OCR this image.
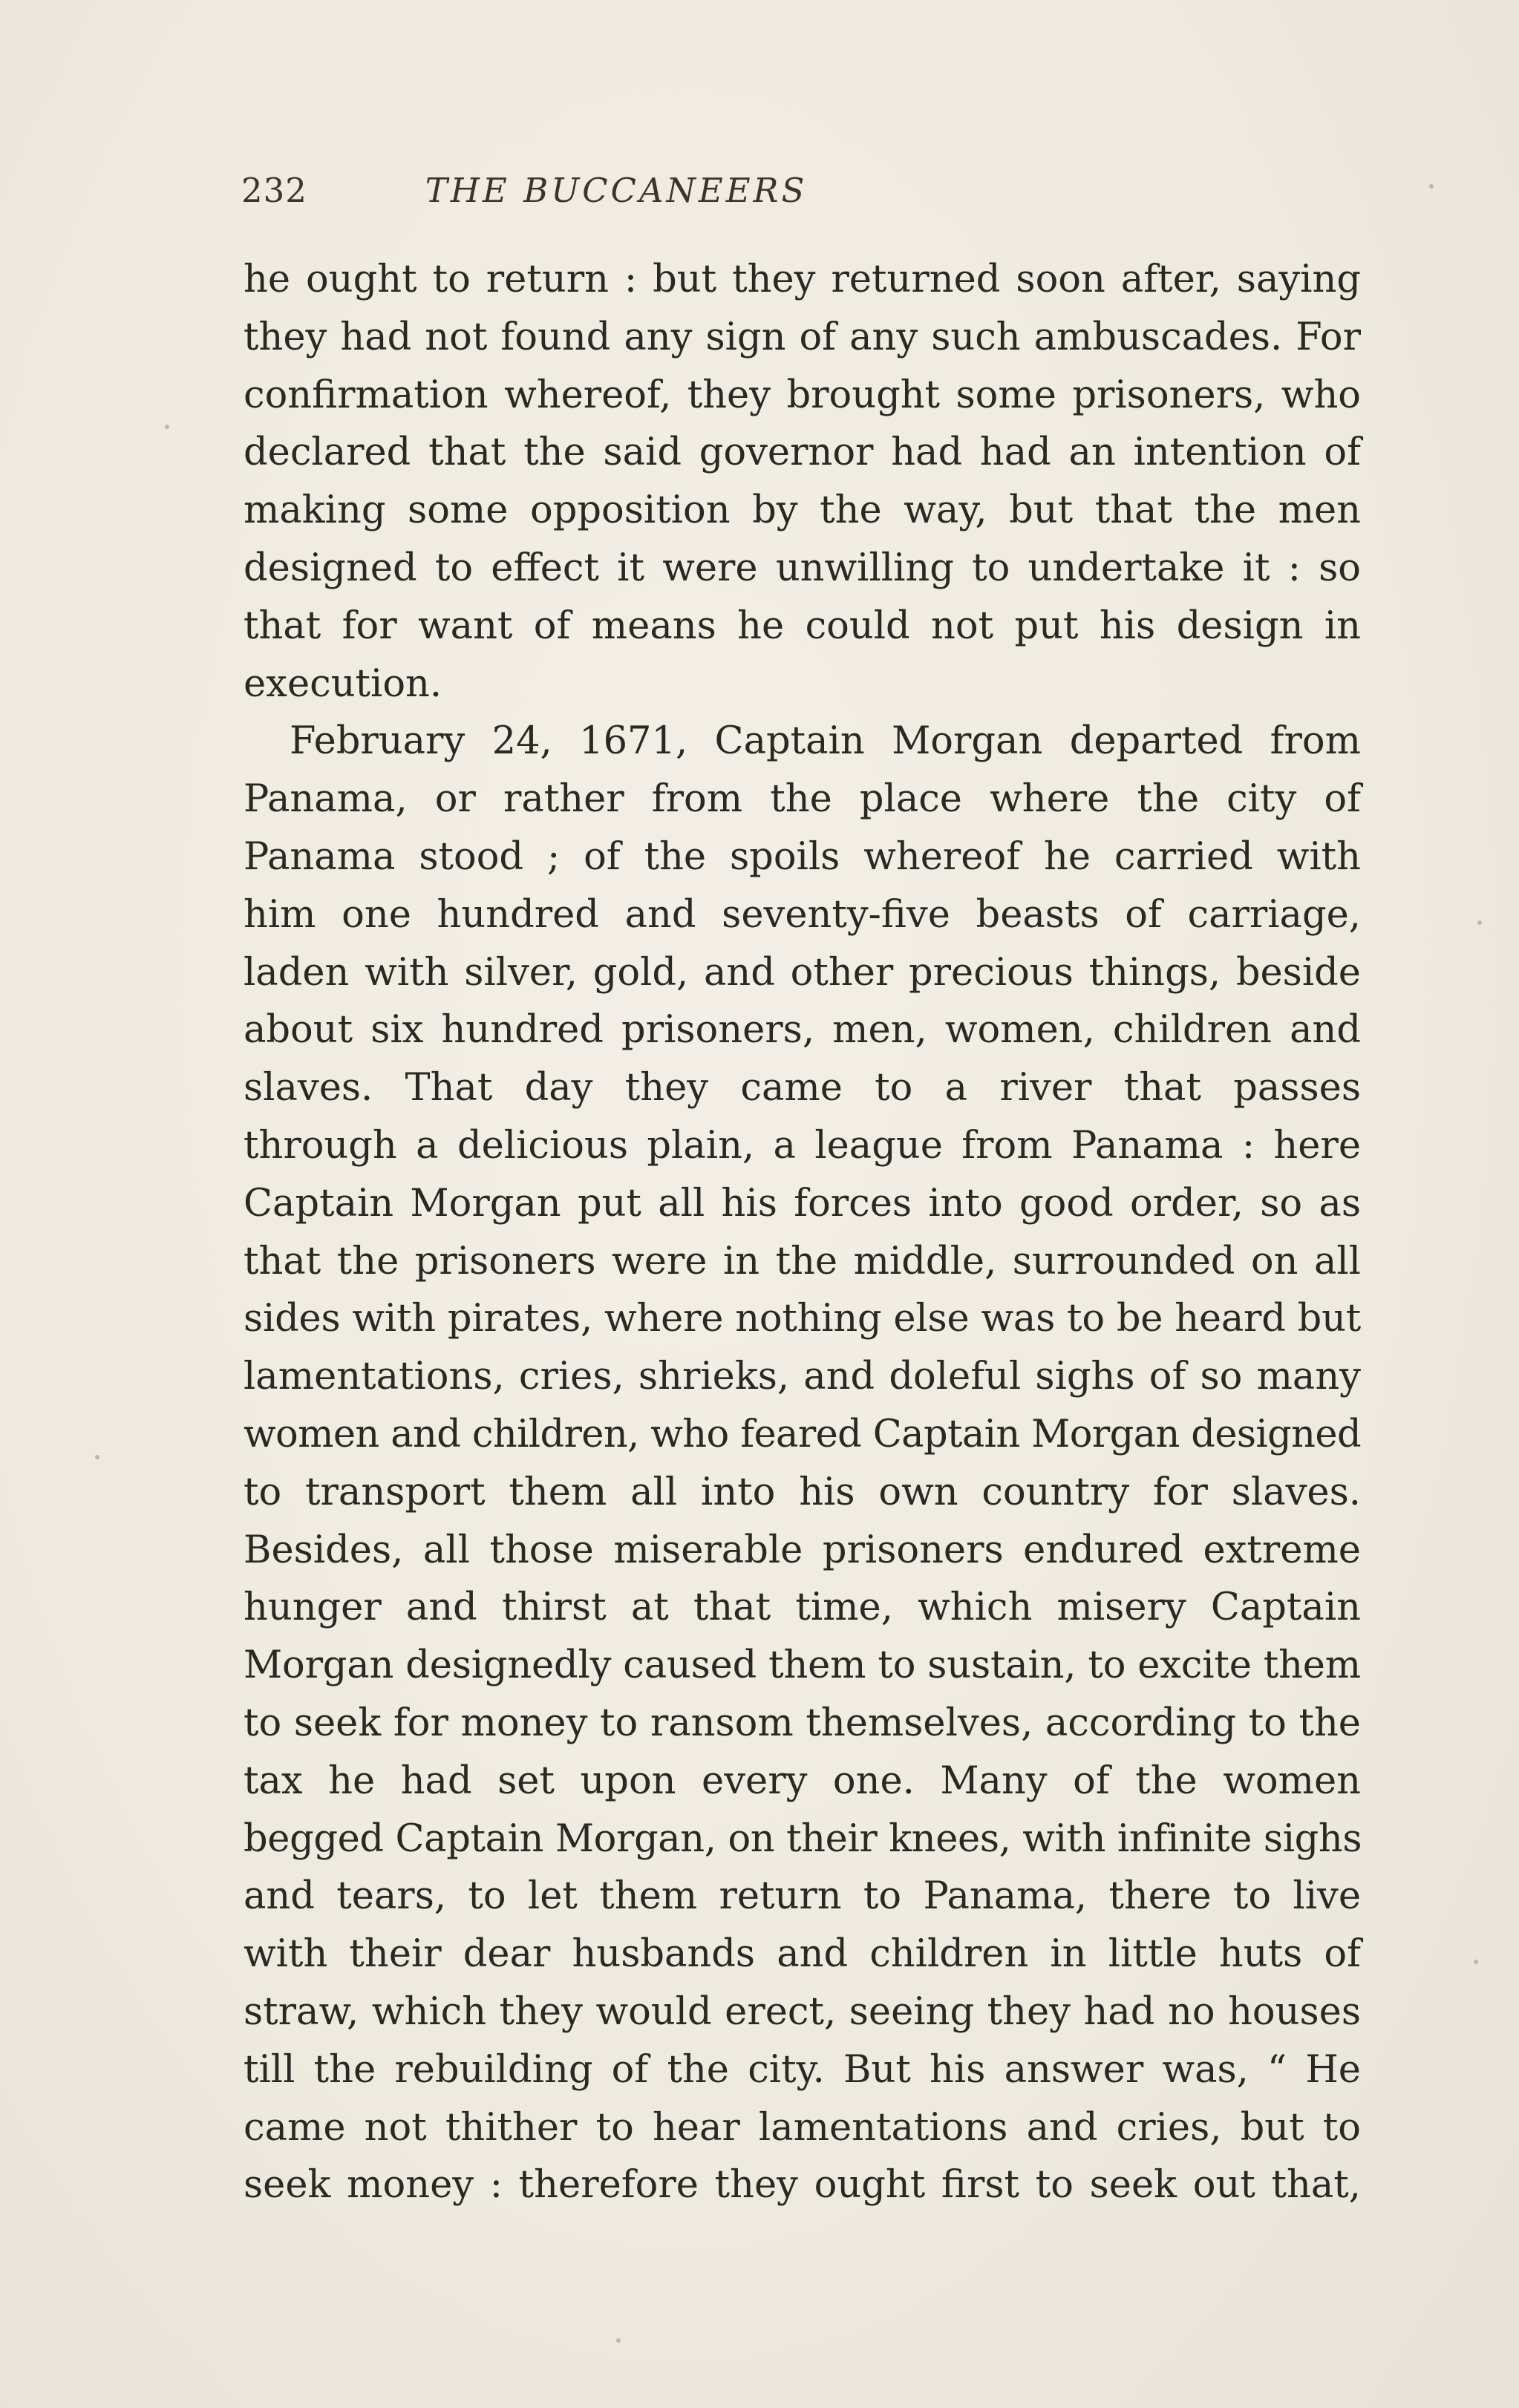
232	THE BUCCANEERS
he ought to return : but they returned soon after, saying
they had not found any sign of any such ambuscades. For
confirmation whereof, they brought some prisoners, who
declared that the said governor had had an intention of
making some opposition by the way, but that the men
designed to effect it were unwilling to undertake it : so
that for want of means he could not put his design in
execution.
February 24, 1671, Captain Morgan departed from
Panama, or rather from the place where the city of
Panama stood ; of the spoils whereof he carried with
him one hundred and seventy-five beasts of carriage,
laden with silver, gold, and other precious things, beside
about six hundred prisoners, men, women, children and
slaves. That day they came to a river that passes
through a delicious plain, a league from Panama : here
Captain Morgan put all his forces into good order, so as
that the prisoners were in the middle, surrounded on all
sides with pirates, where nothing else was to be heard but
lamentations, cries, shrieks, and doleful sighs of so many
women and children, who feared Captain Morgan designed
to transport them all into his own country for slaves.
Besides, all those miserable prisoners endured extreme
hunger and thirst at that time, which misery Captain
Morgan designedly caused them to sustain, to excite them
to seek for money to ransom themselves, according to the
tax he had set upon every one. Many of the women
begged Captain Morgan, on their knees, with infinite sighs
and tears, to let them return to Panama, there to live
with their dear husbands and children in little huts of
straw, which they would erect, seeing they had no houses
till the rebuilding of the city. But his answer was, “ He
came not thither to hear lamentations and cries, but to
seek money : therefore they ought first to seek out that,
